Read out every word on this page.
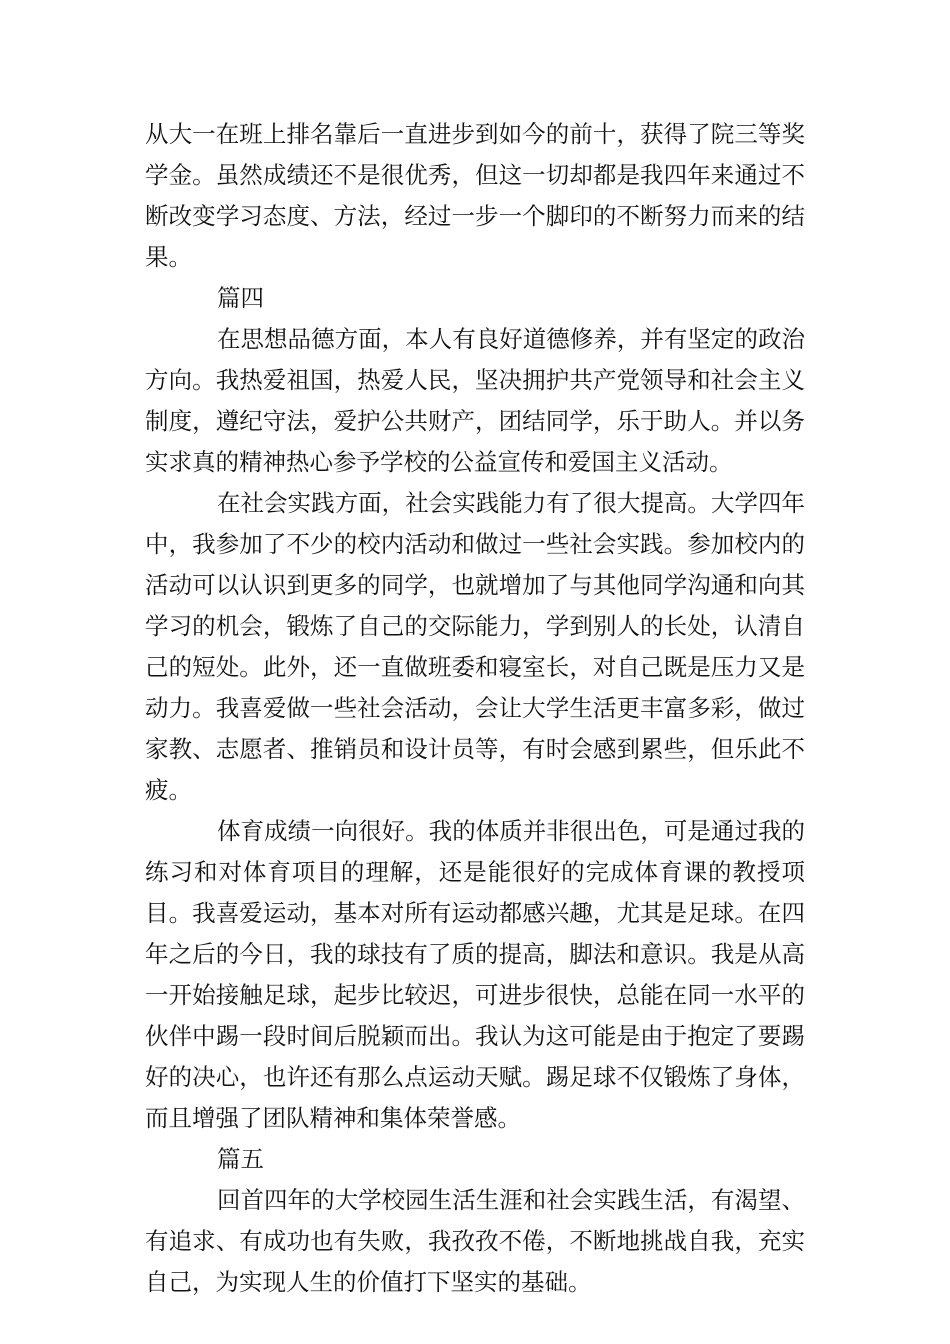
从大一在班上排名靠后一直进步到如今的前十，获得了院三等奖学金。虽然成绩还不是很优秀，但这一切却都是我四年来通过不断改变学习态度、方法，经过一步一个脚印的不断努力而来的结果。

篇四

在思想品德方面，本人有良好道德修养，并有坚定的政治方向。我热爱祖国，热爱人民，坚决拥护共产党领导和社会主义制度，遵纪守法，爱护公共财产，团结同学，乐于助人。并以务实求真的精神热心参予学校的公益宣传和爱国主义活动。

在社会实践方面，社会实践能力有了很大提高。大学四年中，我参加了不少的校内活动和做过一些社会实践。参加校内的活动可以认识到更多的同学，也就增加了与其他同学沟通和向其学习的机会，锻炼了自己的交际能力，学到别人的长处，认清自己的短处。此外，还一直做班委和寝室长，对自己既是压力又是动力。我喜爱做一些社会活动，会让大学生活更丰富多彩，做过家教、志愿者、推销员和设计员等，有时会感到累些，但乐此不疲。

体育成绩一向很好。我的体质并非很出色，可是通过我的练习和对体育项目的理解，还是能很好的完成体育课的教授项目。我喜爱运动，基本对所有运动都感兴趣，尤其是足球。在四年之后的今日，我的球技有了质的提高，脚法和意识。我是从高一开始接触足球，起步比较迟，可进步很快，总能在同一水平的伙伴中踢一段时间后脱颖而出。我认为这可能是由于抱定了要踢好的决心，也许还有那么点运动天赋。踢足球不仅锻炼了身体，而且增强了团队精神和集体荣誉感。

篇五

回首四年的大学校园生活生涯和社会实践生活，有渴望、有追求、有成功也有失败，我孜孜不倦，不断地挑战自我，充实自己，为实现人生的价值打下坚实的基础。
